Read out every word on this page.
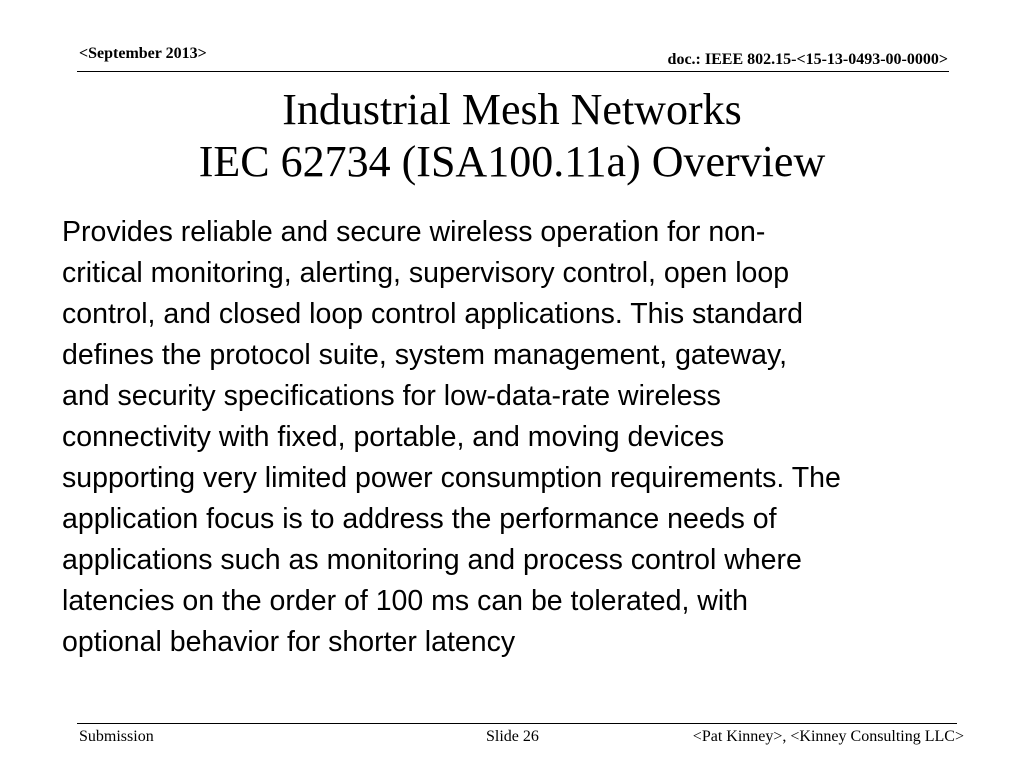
<September 2013>	doc.: IEEE 802.15-<15-13-0493-00-0000>
Industrial Mesh Networks
IEC 62734 (ISA100.11a) Overview
Provides reliable and secure wireless operation for non-
critical monitoring, alerting, supervisory control, open loop
control, and closed loop control applications. This standard
defines the protocol suite, system management, gateway,
and security specifications for low-data-rate wireless
connectivity with fixed, portable, and moving devices
supporting very limited power consumption requirements. The
application focus is to address the performance needs of
applications such as monitoring and process control where
latencies on the order of 100 ms can be tolerated, with
optional behavior for shorter latency
Submission	Slide 26	<Pat Kinney>, <Kinney Consulting LLC>
